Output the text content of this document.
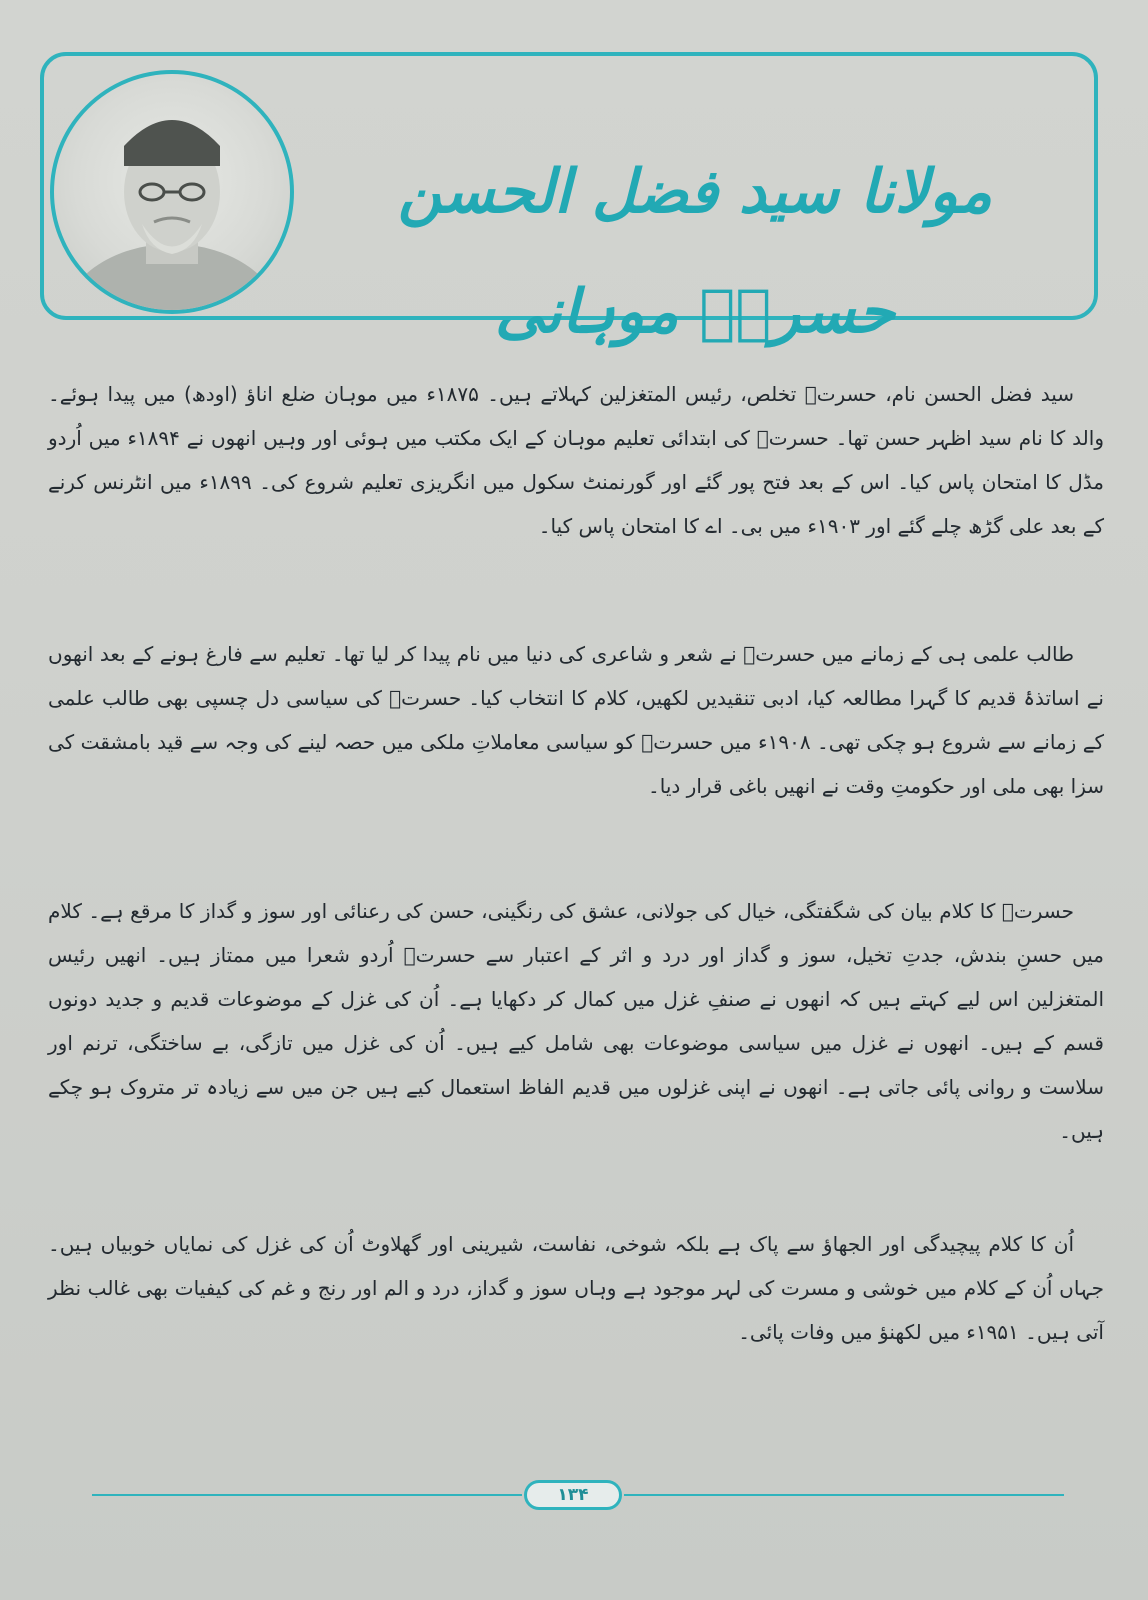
مولانا سید فضل الحسن حسرتؔ موہانی

سید فضل الحسن نام، حسرتؔ تخلص، رئیس المتغزلین کہلاتے ہیں۔ ۱۸۷۵ء میں موہان ضلع اناؤ (اودھ) میں پیدا ہوئے۔ والد کا نام سید اظہر حسن تھا۔ حسرتؔ کی ابتدائی تعلیم موہان کے ایک مکتب میں ہوئی اور وہیں انھوں نے ۱۸۹۴ء میں اُردو مڈل کا امتحان پاس کیا۔ اس کے بعد فتح پور گئے اور گورنمنٹ سکول میں انگریزی تعلیم شروع کی۔ ۱۸۹۹ء میں انٹرنس کرنے کے بعد علی گڑھ چلے گئے اور ۱۹۰۳ء میں بی۔ اے کا امتحان پاس کیا۔

طالب علمی ہی کے زمانے میں حسرتؔ نے شعر و شاعری کی دنیا میں نام پیدا کر لیا تھا۔ تعلیم سے فارغ ہونے کے بعد انھوں نے اساتذۂ قدیم کا گہرا مطالعہ کیا، ادبی تنقیدیں لکھیں، کلام کا انتخاب کیا۔ حسرتؔ کی سیاسی دل چسپی بھی طالب علمی کے زمانے سے شروع ہو چکی تھی۔ ۱۹۰۸ء میں حسرتؔ کو سیاسی معاملاتِ ملکی میں حصہ لینے کی وجہ سے قید بامشقت کی سزا بھی ملی اور حکومتِ وقت نے انھیں باغی قرار دیا۔

حسرتؔ کا کلام بیان کی شگفتگی، خیال کی جولانی، عشق کی رنگینی، حسن کی رعنائی اور سوز و گداز کا مرقع ہے۔ کلام میں حسنِ بندش، جدتِ تخیل، سوز و گداز اور درد و اثر کے اعتبار سے حسرتؔ اُردو شعرا میں ممتاز ہیں۔ انھیں رئیس المتغزلین اس لیے کہتے ہیں کہ انھوں نے صنفِ غزل میں کمال کر دکھایا ہے۔ اُن کی غزل کے موضوعات قدیم و جدید دونوں قسم کے ہیں۔ انھوں نے غزل میں سیاسی موضوعات بھی شامل کیے ہیں۔ اُن کی غزل میں تازگی، بے ساختگی، ترنم اور سلاست و روانی پائی جاتی ہے۔ انھوں نے اپنی غزلوں میں قدیم الفاظ استعمال کیے ہیں جن میں سے زیادہ تر متروک ہو چکے ہیں۔

اُن کا کلام پیچیدگی اور الجھاؤ سے پاک ہے بلکہ شوخی، نفاست، شیرینی اور گھلاوٹ اُن کی غزل کی نمایاں خوبیاں ہیں۔ جہاں اُن کے کلام میں خوشی و مسرت کی لہر موجود ہے وہاں سوز و گداز، درد و الم اور رنج و غم کی کیفیات بھی غالب نظر آتی ہیں۔ ۱۹۵۱ء میں لکھنؤ میں وفات پائی۔

۱۳۴
